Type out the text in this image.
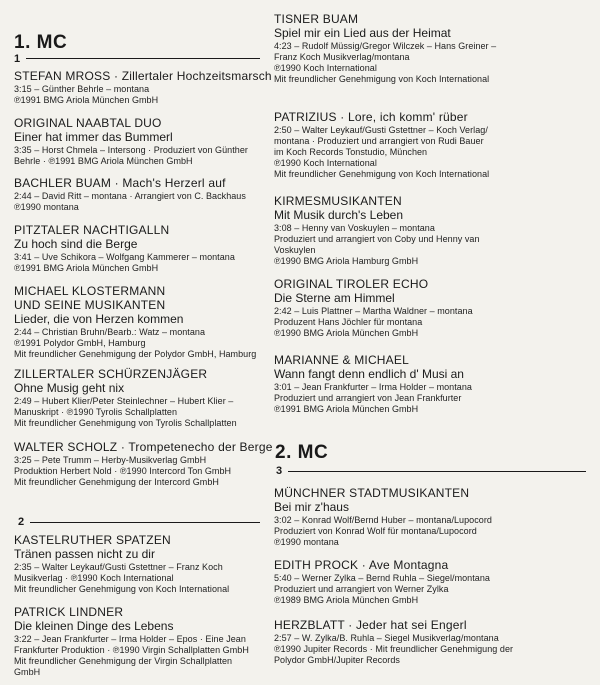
1. MC
1
STEFAN MROSS · Zillertaler Hochzeitsmarsch
3:15 – Günther Behrle – montana
℗1991 BMG Ariola München GmbH
ORIGINAL NAABTAL DUO
Einer hat immer das Bummerl
3:35 – Horst Chmela – Intersong · Produziert von Günther
Behrle · ℗1991 BMG Ariola München GmbH
BACHLER BUAM · Mach's Herzerl auf
2:44 – David Ritt – montana · Arrangiert von C. Backhaus
℗1990 montana
PITZTALER NACHTIGALLN
Zu hoch sind die Berge
3:41 – Uve Schikora – Wolfgang Kammerer – montana
℗1991 BMG Ariola München GmbH
MICHAEL KLOSTERMANN
UND SEINE MUSIKANTEN
Lieder, die von Herzen kommen
2:44 – Christian Bruhn/Bearb.: Watz – montana
℗1991 Polydor GmbH, Hamburg
Mit freundlicher Genehmigung der Polydor GmbH, Hamburg
ZILLERTALER SCHÜRZENJÄGER
Ohne Musig geht nix
2:49 – Hubert Klier/Peter Steinlechner – Hubert Klier –
Manuskript · ℗1990 Tyrolis Schallplatten
Mit freundlicher Genehmigung von Tyrolis Schallplatten
WALTER SCHOLZ · Trompetenecho der Berge
3:25 – Pete Trumm – Herby-Musikverlag GmbH
Produktion Herbert Nold · ℗1990 Intercord Ton GmbH
Mit freundlicher Genehmigung der Intercord GmbH
2
KASTELRUTHER SPATZEN
Tränen passen nicht zu dir
2:35 – Walter Leykauf/Gusti Gstettner – Franz Koch
Musikverlag · ℗1990 Koch International
Mit freundlicher Genehmigung von Koch International
PATRICK LINDNER
Die kleinen Dinge des Lebens
3:22 – Jean Frankfurter – Irma Holder – Epos · Eine Jean
Frankfurter Produktion · ℗1990 Virgin Schallplatten GmbH
Mit freundlicher Genehmigung der Virgin Schallplatten GmbH
TISNER BUAM
Spiel mir ein Lied aus der Heimat
4:23 – Rudolf Müssig/Gregor Wilczek – Hans Greiner –
Franz Koch Musikverlag/montana
℗1990 Koch International
Mit freundlicher Genehmigung von Koch International
PATRIZIUS · Lore, ich komm' rüber
2:50 – Walter Leykauf/Gusti Gstettner – Koch Verlag/
montana · Produziert und arrangiert von Rudi Bauer
im Koch Records Tonstudio, München
℗1990 Koch International
Mit freundlicher Genehmigung von Koch International
KIRMESMUSIKANTEN
Mit Musik durch's Leben
3:08 – Henny van Voskuylen – montana
Produziert und arrangiert von Coby und Henny van
Voskuylen
℗1990 BMG Ariola Hamburg GmbH
ORIGINAL TIROLER ECHO
Die Sterne am Himmel
2:42 – Luis Plattner – Martha Waldner – montana
Produzent Hans Jöchler für montana
℗1990 BMG Ariola München GmbH
MARIANNE & MICHAEL
Wann fangt denn endlich d' Musi an
3:01 – Jean Frankfurter – Irma Holder – montana
Produziert und arrangiert von Jean Frankfurter
℗1991 BMG Ariola München GmbH
2. MC
3
MÜNCHNER STADTMUSIKANTEN
Bei mir z'haus
3:02 – Konrad Wolf/Bernd Huber – montana/Lupocord
Produziert von Konrad Wolf für montana/Lupocord
℗1990 montana
EDITH PROCK · Ave Montagna
5:40 – Werner Zylka – Bernd Ruhla – Siegel/montana
Produziert und arrangiert von Werner Zylka
℗1989 BMG Ariola München GmbH
HERZBLATT · Jeder hat sei Engerl
2:57 – W. Zylka/B. Ruhla – Siegel Musikverlag/montana
℗1990 Jupiter Records · Mit freundlicher Genehmigung der
Polydor GmbH/Jupiter Records
